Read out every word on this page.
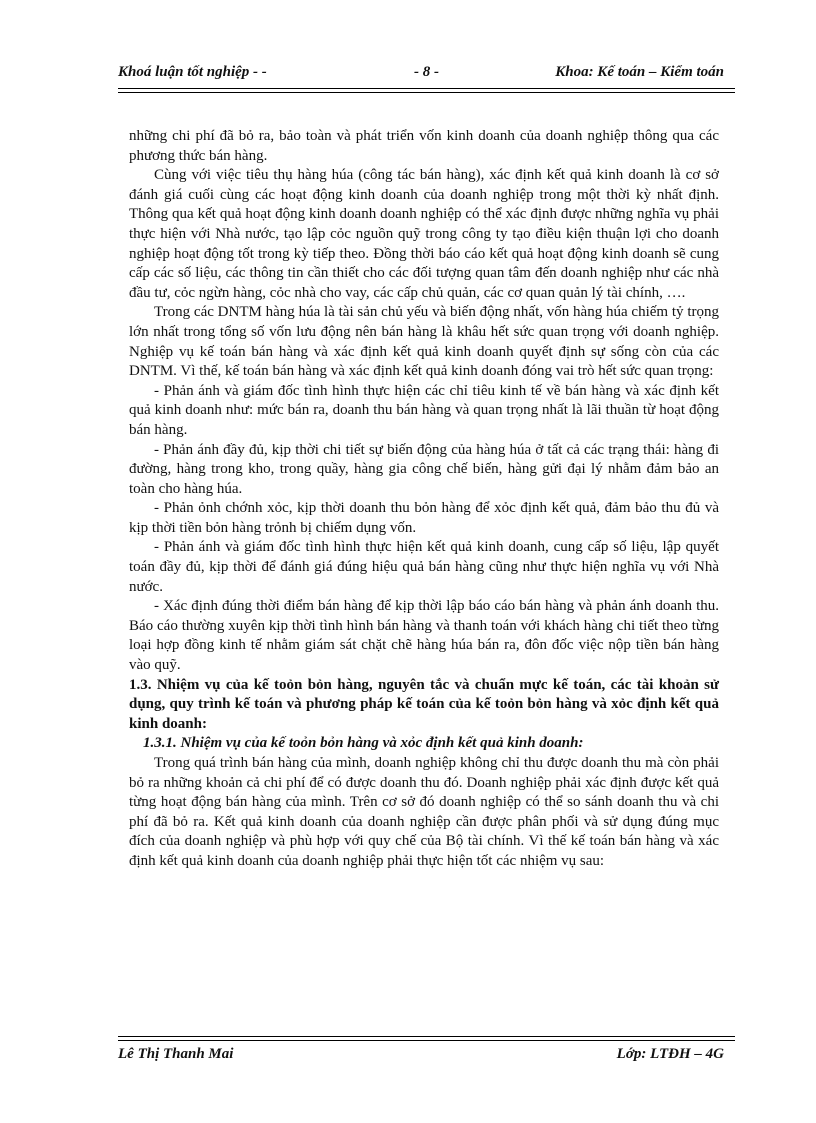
Khoá luận tốt nghiệp - -	- 8 -	Khoa: Kế toán – Kiểm toán

những chi phí đã bỏ ra, bảo toàn và phát triển vốn kinh doanh của doanh nghiệp thông qua các phương thức bán hàng.

Cùng với việc tiêu thụ hàng húa (công tác bán hàng), xác định kết quả kinh doanh là cơ sở đánh giá cuối cùng các hoạt động kinh doanh của doanh nghiệp trong một thời kỳ nhất định. Thông qua kết quả hoạt động kinh doanh doanh nghiệp có thể xác định được những nghĩa vụ phải thực hiện với Nhà nước, tạo lập cỏc nguồn quỹ trong công ty tạo điều kiện thuận lợi cho doanh nghiệp hoạt động tốt trong kỳ tiếp theo. Đồng thời báo cáo kết quả hoạt động kinh doanh sẽ cung cấp các số liệu, các thông tin cần thiết cho các đối tượng quan tâm đến doanh nghiệp như các nhà đầu tư, cỏc ngừn hàng, cỏc nhà cho vay, các cấp chủ quản, các cơ quan quản lý tài chính, ….

Trong các DNTM hàng húa là tài sản chủ yếu và biến động nhất, vốn hàng húa chiếm tỷ trọng lớn nhất trong tổng số vốn lưu động nên bán hàng là khâu hết sức quan trọng với doanh nghiệp. Nghiệp vụ kế toán bán hàng và xác định kết quả kinh doanh quyết định sự sống còn của các DNTM. Vì thế, kế toán bán hàng và xác định kết quả kinh doanh đóng vai trò hết sức quan trọng:

- Phản ánh và giám đốc tình hình thực hiện các chỉ tiêu kinh tế về bán hàng và xác định kết quả kinh doanh như: mức bán ra, doanh thu bán hàng và quan trọng nhất là lãi thuần từ hoạt động bán hàng.

- Phản ánh đầy đủ, kịp thời chi tiết sự biến động của hàng húa ở tất cả các trạng thái: hàng đi đường, hàng trong kho, trong quầy, hàng gia công chế biến, hàng gửi đại lý nhằm đảm bảo an toàn cho hàng húa.

- Phản ỏnh chớnh xỏc, kịp thời doanh thu bỏn hàng để xỏc định kết quả, đảm bảo thu đủ và kịp thời tiền bỏn hàng trỏnh bị chiếm dụng vốn.

- Phản ánh và giám đốc tình hình thực hiện kết quả kinh doanh, cung cấp số liệu, lập quyết toán đầy đủ, kịp thời để đánh giá đúng hiệu quả bán hàng cũng như thực hiện nghĩa vụ với Nhà nước.

- Xác định đúng thời điểm bán hàng để kịp thời lập báo cáo bán hàng và phản ánh doanh thu. Báo cáo thường xuyên kịp thời tình hình bán hàng và thanh toán với khách hàng chi tiết theo từng loại hợp đồng kinh tế nhằm giám sát chặt chẽ hàng húa bán ra, đôn đốc việc nộp tiền bán hàng vào quỹ.

1.3. Nhiệm vụ của kế toỏn bỏn hàng, nguyên tắc và chuẩn mực kế toán, các tài khoản sử dụng, quy trình kế toán và phương pháp kế toán của kế toỏn bỏn hàng và xỏc định kết quả kinh doanh:

1.3.1. Nhiệm vụ của kế toỏn bỏn hàng và xỏc định kết quả kinh doanh:

Trong quá trình bán hàng của mình, doanh nghiệp không chỉ thu được doanh thu mà còn phải bỏ ra những khoản cả chi phí để có được doanh thu đó. Doanh nghiệp phải xác định được kết quả từng hoạt động bán hàng của mình. Trên cơ sở đó doanh nghiệp có thể so sánh doanh thu và chi phí đã bỏ ra. Kết quả kinh doanh của doanh nghiệp cần được phân phối và sử dụng đúng mục đích của doanh nghiệp và phù hợp với quy chế của Bộ tài chính. Vì thế kế toán bán hàng và xác định kết quả kinh doanh của doanh nghiệp phải thực hiện tốt các nhiệm vụ sau:

Lê Thị Thanh Mai	Lớp: LTĐH – 4G
